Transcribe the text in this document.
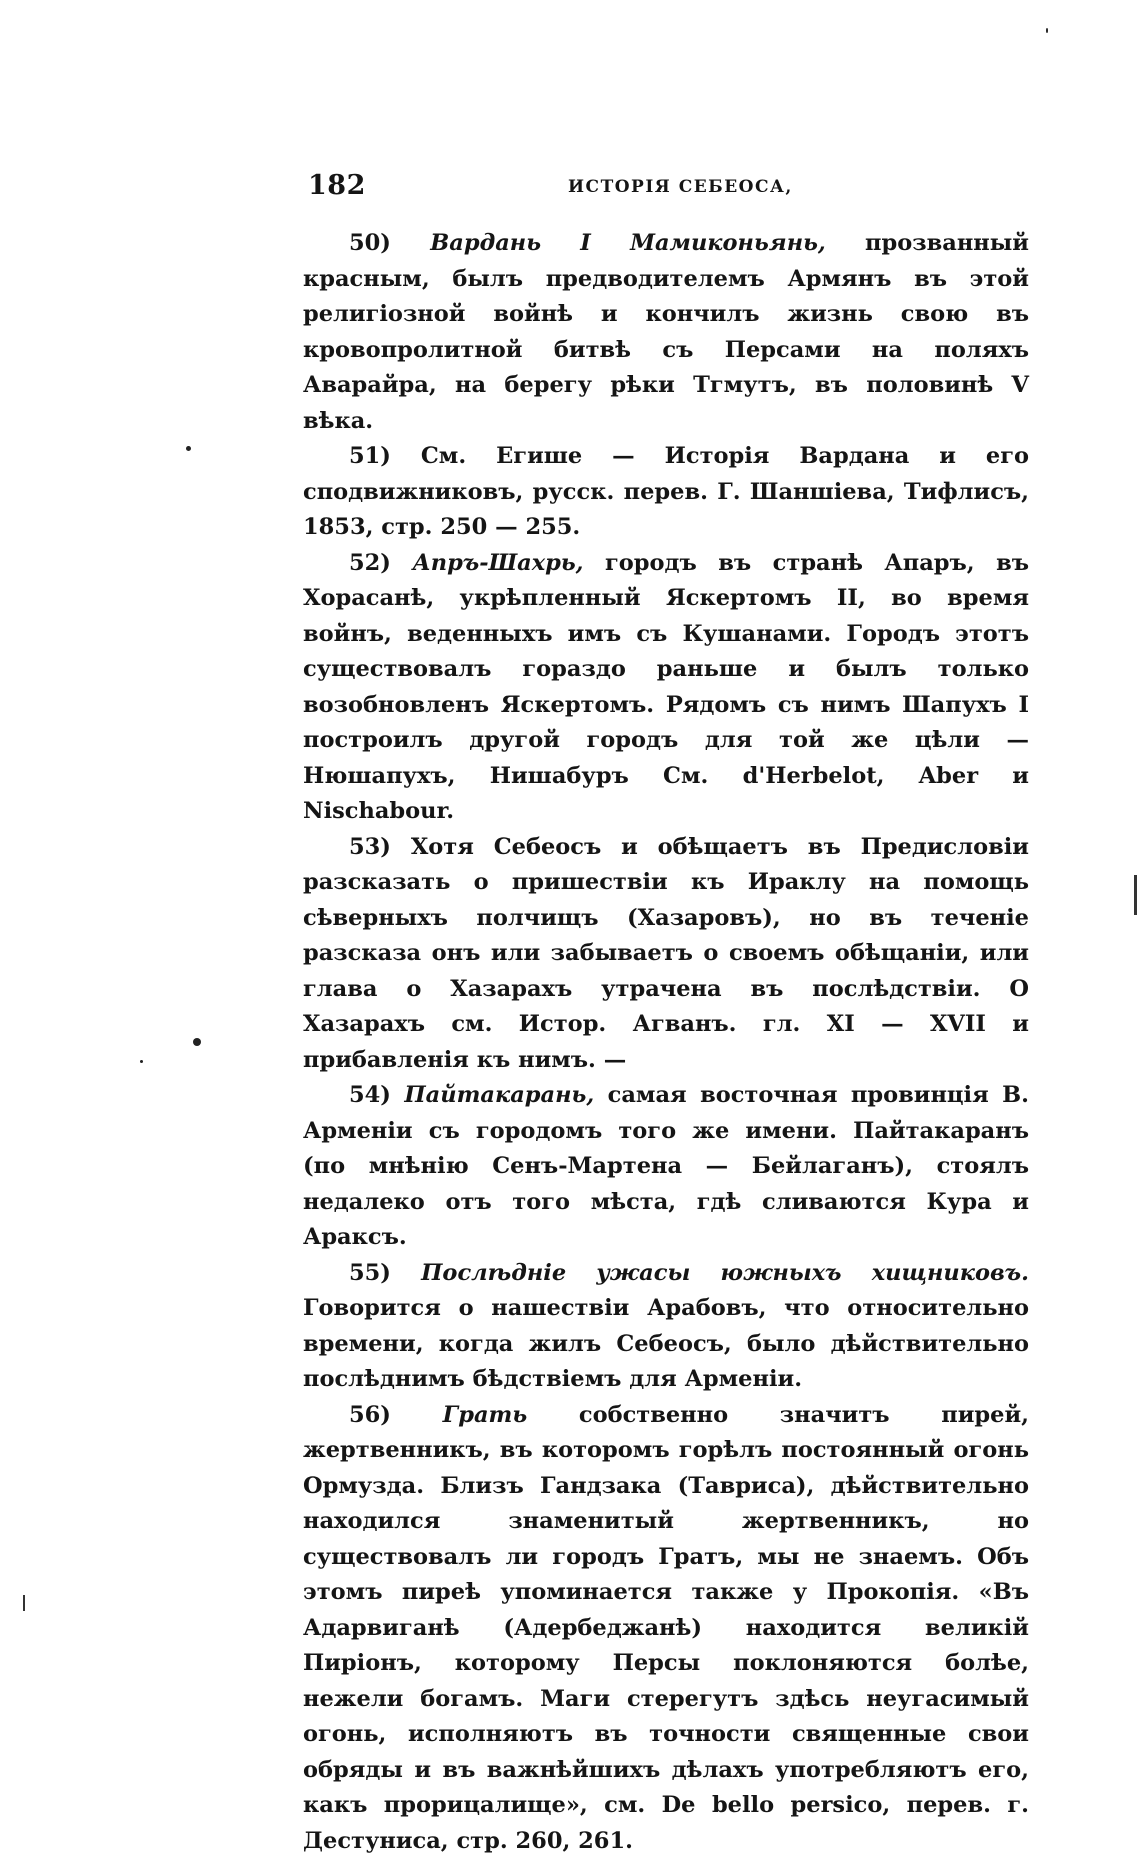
182	ИСТОРІЯ СЕБЕОСА,

50) Вардань I Мамиконьянь, прозванный красным, былъ предводителемъ Армянъ въ этой религіозной войнѣ и кончилъ жизнь свою въ кровопролитной битвѣ съ Персами на поляхъ Аварайра, на берегу рѣки Тгмутъ, въ половинѣ V вѣка.

51) См. Егише — Исторія Вардана и его сподвижниковъ, русск. перев. Г. Шаншіева, Тифлисъ, 1853, стр. 250 — 255.

52) Апръ-Шахрь, городъ въ странѣ Апаръ, въ Хорасанѣ, укрѣпленный Яскертомъ II, во время войнъ, веденныхъ имъ съ Кушанами. Городъ этотъ существовалъ гораздо раньше и былъ только возобновленъ Яскертомъ. Рядомъ съ нимъ Шапухъ I построилъ другой городъ для той же цѣли — Нюшапухъ, Нишабуръ См. d'Herbelot, Aber и Nischabour.

53) Хотя Себеосъ и обѣщаетъ въ Предисловіи разсказать о пришествіи къ Ираклу на помощь сѣверныхъ полчищъ (Хазаровъ), но въ теченіе разсказа онъ или забываетъ о своемъ обѣщаніи, или глава о Хазарахъ утрачена въ послѣдствіи. О Хазарахъ см. Истор. Агванъ. гл. XI — XVII и прибавленія къ нимъ. —

54) Пайтакарань, самая восточная провинція В. Арменіи съ городомъ того же имени. Пайтакаранъ (по мнѣнію Сенъ-Мартена — Бейлаганъ), стоялъ недалеко отъ того мѣста, гдѣ сливаются Кура и Араксъ.

55) Послѣдніе ужасы южныхъ хищниковъ. Говорится о нашествіи Арабовъ, что относительно времени, когда жилъ Себеосъ, было дѣйствительно послѣднимъ бѣдствіемъ для Арменіи.

56) Грать собственно значитъ пирей, жертвенникъ, въ которомъ горѣлъ постоянный огонь Ормузда. Близъ Гандзака (Тавриса), дѣйствительно находился знаменитый жертвенникъ, но существовалъ ли городъ Гратъ, мы не знаемъ. Объ этомъ пиреѣ упоминается также у Прокопія. «Въ Адарвиганѣ (Адербеджанѣ) находится великій Пиріонъ, которому Персы поклоняются болѣе, нежели богамъ. Маги стерегутъ здѣсь неугасимый огонь, исполняютъ въ точности священные свои обряды и въ важнѣйшихъ дѣлахъ употребляютъ его, какъ прорицалище», см. De bello persico, перев. г. Дестуниса, стр. 260, 261.
